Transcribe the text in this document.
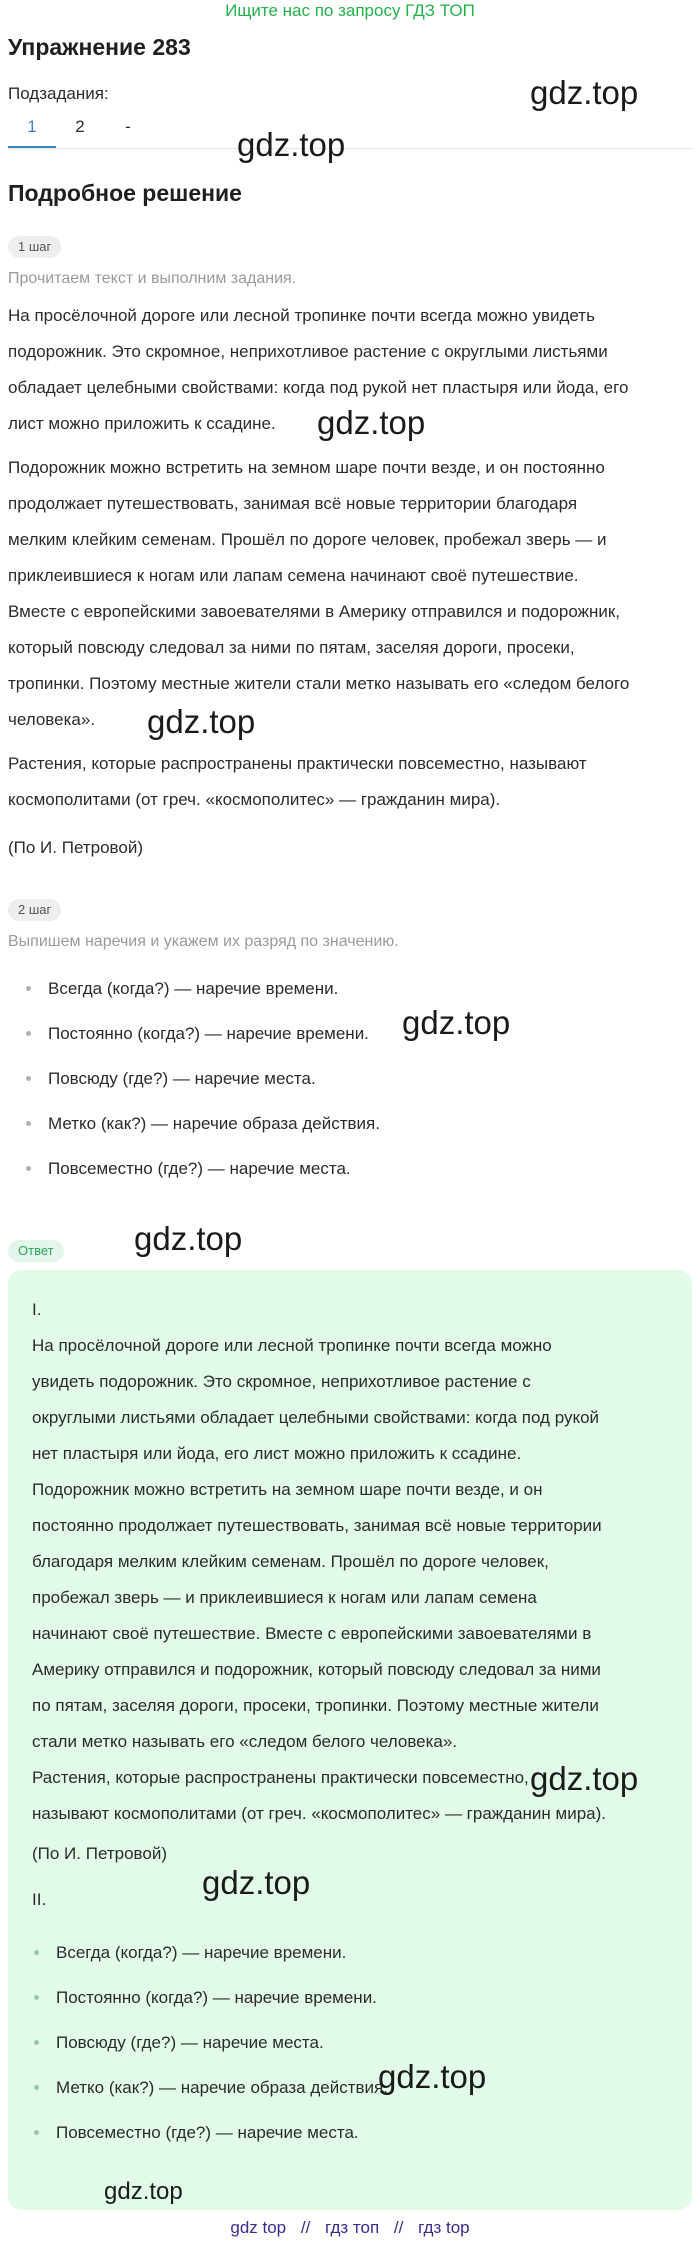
Ищите нас по запросу ГДЗ ТОП
Упражнение 283
Подзадания:
1	2	-
gdz.top
gdz.top
gdz.top
gdz.top
gdz.top
gdz.top
Подробное решение
1 шаг
Прочитаем текст и выполним задания.
На просёлочной дороге или лесной тропинке почти всегда можно увидеть
подорожник. Это скромное, неприхотливое растение с округлыми листьями
обладает целебными свойствами: когда под рукой нет пластыря или йода, его
лист можно приложить к ссадине.
Подорожник можно встретить на земном шаре почти везде, и он постоянно
продолжает путешествовать, занимая всё новые территории благодаря
мелким клейким семенам. Прошёл по дороге человек, пробежал зверь — и
приклеившиеся к ногам или лапам семена начинают своё путешествие.
Вместе с европейскими завоевателями в Америку отправился и подорожник,
который повсюду следовал за ними по пятам, заселяя дороги, просеки,
тропинки. Поэтому местные жители стали метко называть его «следом белого
человека».
Растения, которые распространены практически повсеместно, называют
космополитами (от греч. «космополитес» — гражданин мира).
(По И. Петровой)
2 шаг
Выпишем наречия и укажем их разряд по значению.
Всегда (когда?) — наречие времени.
Постоянно (когда?) — наречие времени.
Повсюду (где?) — наречие места.
Метко (как?) — наречие образа действия.
Повсеместно (где?) — наречие места.
Ответ
I.
На просёлочной дороге или лесной тропинке почти всегда можно
увидеть подорожник. Это скромное, неприхотливое растение с
округлыми листьями обладает целебными свойствами: когда под рукой
нет пластыря или йода, его лист можно приложить к ссадине.
Подорожник можно встретить на земном шаре почти везде, и он
постоянно продолжает путешествовать, занимая всё новые территории
благодаря мелким клейким семенам. Прошёл по дороге человек,
пробежал зверь — и приклеившиеся к ногам или лапам семена
начинают своё путешествие. Вместе с европейскими завоевателями в
Америку отправился и подорожник, который повсюду следовал за ними
по пятам, заселяя дороги, просеки, тропинки. Поэтому местные жители
стали метко называть его «следом белого человека».
Растения, которые распространены практически повсеместно,
называют космополитами (от греч. «космополитес» — гражданин мира).
(По И. Петровой)
II.
Всегда (когда?) — наречие времени.
Постоянно (когда?) — наречие времени.
Повсюду (где?) — наречие места.
Метко (как?) — наречие образа действия.
Повсеместно (где?) — наречие места.
gdz.top
gdz.top
gdz.top
gdz.top
gdz top // гдз топ // гдз top
